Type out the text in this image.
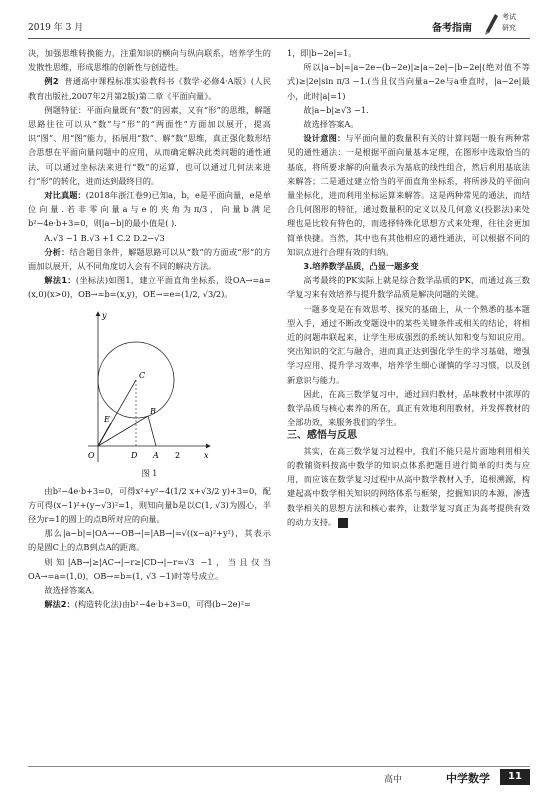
2019 年 3 月	备考指南
考试
研究

决，加强思维转换能力，注重知识的横向与纵向联系，培养学生的发散性思维，形成思维的创新性与创造性。

例2 普通高中课程标准实验教科书《数学·必修4·A版》(人民教育出版社,2007年2月第2版)第二章《平面向量》。

例题特征：平面向量既有“数”的因素，又有“形”的思维，解题思路往往可以从“数”与“形”的“两面性”方面加以展开，提高识“图”、用“图”能力，拓展用“数”、解“数”思维，真正强化数形结合思想在平面向量问题中的应用，从而确定解决此类问题的通性通法，可以通过坐标法来进行“数”的运算，也可以通过几何法来进行“形”的转化，进而达到最终目的。

对比真题：(2018年浙江卷9)已知a，b，e是平面向量，e是单位向量.若非零向量a与e的夹角为π/3，向量b满足b²−4e·b+3=0，则|a−b|的最小值是( ).

A.√3 −1 B.√3 +1 C.2 D.2−√3

分析：结合题目条件，解题思路可以从“数”的方面或“形”的方面加以展开，从不同角度切入会有不同的解决方法。

解法1：(坐标法)如图1，建立平面直角坐标系，设OA→=a=(x,0)(x>0)，OB→=b=(x,y)，OE→=e=(1/2, √3/2)。

y
x
O	D A
B
C
E
2
图 1

由b²−4e·b+3=0，可得x²+y²−4(1/2 x+√3/2 y)+3=0，配方可得(x−1)²+(y−√3)²=1，则知向量b是以C(1, √3)为圆心，半径为r=1的圆上的点B所对应的向量。

那么|a−b|=|OA→−OB→|=|AB→|=√((x−a)²+y²)，其表示的是圆C上的点B到点A的距离。

则知|AB→|≥|AC→|−r≥|CD→|−r=√3 −1，当且仅当OA→=a=(1,0)，OB→=b=(1, √3 −1)时等号成立。

故选择答案A。

解法2：(构造转化法)由b²−4e·b+3=0，可得(b−2e)²=

1，即|b−2e|=1。

所以|a−b|=|a−2e−(b−2e)|≥|a−2e|−|b−2e|(绝对值不等式)≥|2e|sin π/3 −1.(当且仅当向量a−2e与a垂直时，|a−2e|最小，此时|a|=1)

故|a−b|≥√3 −1.

故选择答案A。

设计意图：与平面向量的数量积有关的计算问题一般有两种常见的通性通法：一是根据平面向量基本定理，在图形中选取恰当的基底，将所要求解的向量表示为基底的线性组合，然后利用基底法来解答；二是通过建立恰当的平面直角坐标系，将所涉及的平面向量坐标化，进而利用坐标运算来解答。这是两种常见的通法，而结合几何图形的特征，通过数量积的定义以及几何意义(投影法)来处理也是比较有特色的，而选择特殊化思想方式来处理，往往会更加简单快捷。当然，其中也有其他相应的通性通法，可以根据不同的知识点进行合理有效的归纳。

3.培养数学品质，凸显一题多变

高考最终的PK实际上就是综合数学品质的PK，而通过高三数学复习来有效培养与提升数学品质是解决问题的关键。

一题多变是在有效思考、探究的基础上，从一个熟悉的基本题型入手，通过不断改变题设中的某些关键条件或相关的结论，将相近的问题串联起来，让学生形成强烈的系统认知和变与知识应用。突出知识的交汇与融合，进而真正达到强化学生的学习基础，增强学习应用、提升学习效率，培养学生细心谨慎的学习习惯，以及创新意识与能力。

因此，在高三数学复习中，通过回归教材，品味教材中浓厚的数学品质与核心素养的所在，真正有效地利用教材，并发挥教材的全部功效，来服务我们的学生。

三、感悟与反思

其实，在高三数学复习过程中，我们不能只是片面地利用相关的教辅资料按高中数学的知识点体系把题目进行简单的归类与应用，而应该在数学复习过程中从高中数学教材入手，追根溯源，构建起高中数学相关知识的网络体系与框架，挖掘知识的本源，渗透数学相关的思想方法和核心素养，让数学复习真正为高考提供有效的动力支持。	E

高中	中学数学	11
